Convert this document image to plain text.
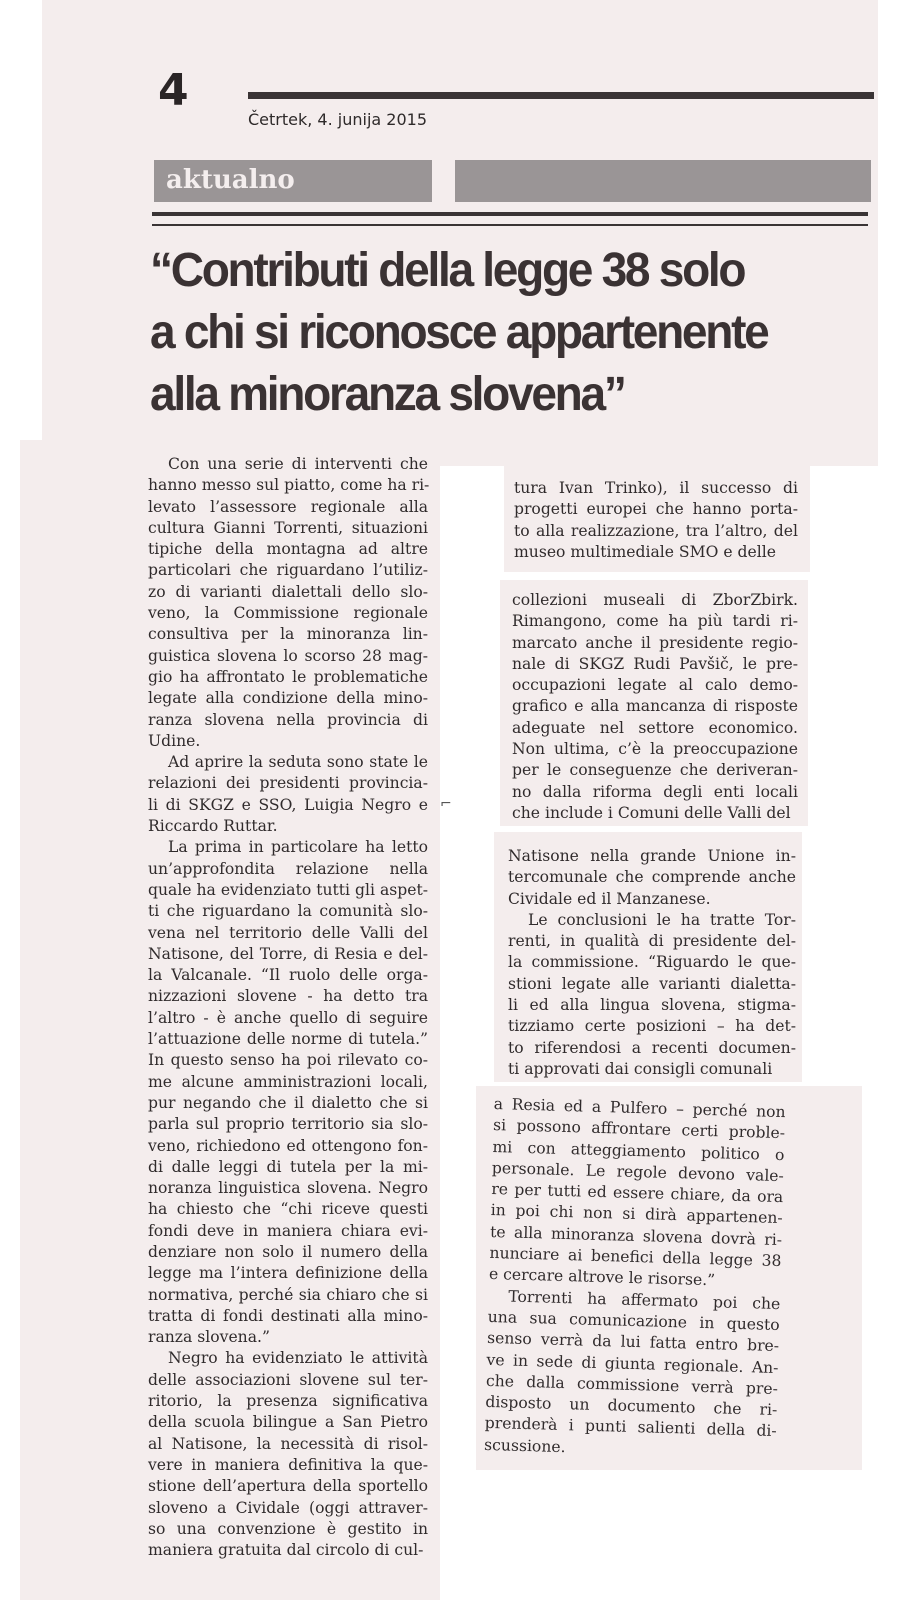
4
Četrtek, 4. junija 2015
aktualno
“Contributi della legge 38 solo
a chi si riconosce appartenente
alla minoranza slovena”
Con una serie di interventi che
hanno messo sul piatto, come ha ri-
levato l’assessore regionale alla
cultura Gianni Torrenti, situazioni
tipiche della montagna ad altre
particolari che riguardano l’utiliz-
zo di varianti dialettali dello slo-
veno, la Commissione regionale
consultiva per la minoranza lin-
guistica slovena lo scorso 28 mag-
gio ha affrontato le problematiche
legate alla condizione della mino-
ranza slovena nella provincia di
Udine.
Ad aprire la seduta sono state le
relazioni dei presidenti provincia-
li di SKGZ e SSO, Luigia Negro e
Riccardo Ruttar.
La prima in particolare ha letto
un’approfondita relazione nella
quale ha evidenziato tutti gli aspet-
ti che riguardano la comunità slo-
vena nel territorio delle Valli del
Natisone, del Torre, di Resia e del-
la Valcanale. “Il ruolo delle orga-
nizzazioni slovene - ha detto tra
l’altro - è anche quello di seguire
l’attuazione delle norme di tutela.”
In questo senso ha poi rilevato co-
me alcune amministrazioni locali,
pur negando che il dialetto che si
parla sul proprio territorio sia slo-
veno, richiedono ed ottengono fon-
di dalle leggi di tutela per la mi-
noranza linguistica slovena. Negro
ha chiesto che “chi riceve questi
fondi deve in maniera chiara evi-
denziare non solo il numero della
legge ma l’intera definizione della
normativa, perché sia chiaro che si
tratta di fondi destinati alla mino-
ranza slovena.”
Negro ha evidenziato le attività
delle associazioni slovene sul ter-
ritorio, la presenza significativa
della scuola bilingue a San Pietro
al Natisone, la necessità di risol-
vere in maniera definitiva la que-
stione dell’apertura della sportello
sloveno a Cividale (oggi attraver-
so una convenzione è gestito in
maniera gratuita dal circolo di cul-
tura Ivan Trinko), il successo di
progetti europei che hanno porta-
to alla realizzazione, tra l’altro, del
museo multimediale SMO e delle
collezioni museali di ZborZbirk.
Rimangono, come ha più tardi ri-
marcato anche il presidente regio-
nale di SKGZ Rudi Pavšič, le pre-
occupazioni legate al calo demo-
grafico e alla mancanza di risposte
adeguate nel settore economico.
Non ultima, c’è la preoccupazione
per le conseguenze che deriveran-
no dalla riforma degli enti locali
che include i Comuni delle Valli del
Natisone nella grande Unione in-
tercomunale che comprende anche
Cividale ed il Manzanese.
Le conclusioni le ha tratte Tor-
renti, in qualità di presidente del-
la commissione. “Riguardo le que-
stioni legate alle varianti dialetta-
li ed alla lingua slovena, stigma-
tizziamo certe posizioni – ha det-
to riferendosi a recenti documen-
ti approvati dai consigli comunali
a Resia ed a Pulfero – perché non
si possono affrontare certi proble-
mi con atteggiamento politico o
personale. Le regole devono vale-
re per tutti ed essere chiare, da ora
in poi chi non si dirà appartenen-
te alla minoranza slovena dovrà ri-
nunciare ai benefici della legge 38
e cercare altrove le risorse.”
Torrenti ha affermato poi che
una sua comunicazione in questo
senso verrà da lui fatta entro bre-
ve in sede di giunta regionale. An-
che dalla commissione verrà pre-
disposto un documento che ri-
prenderà i punti salienti della di-
scussione.
⌐
